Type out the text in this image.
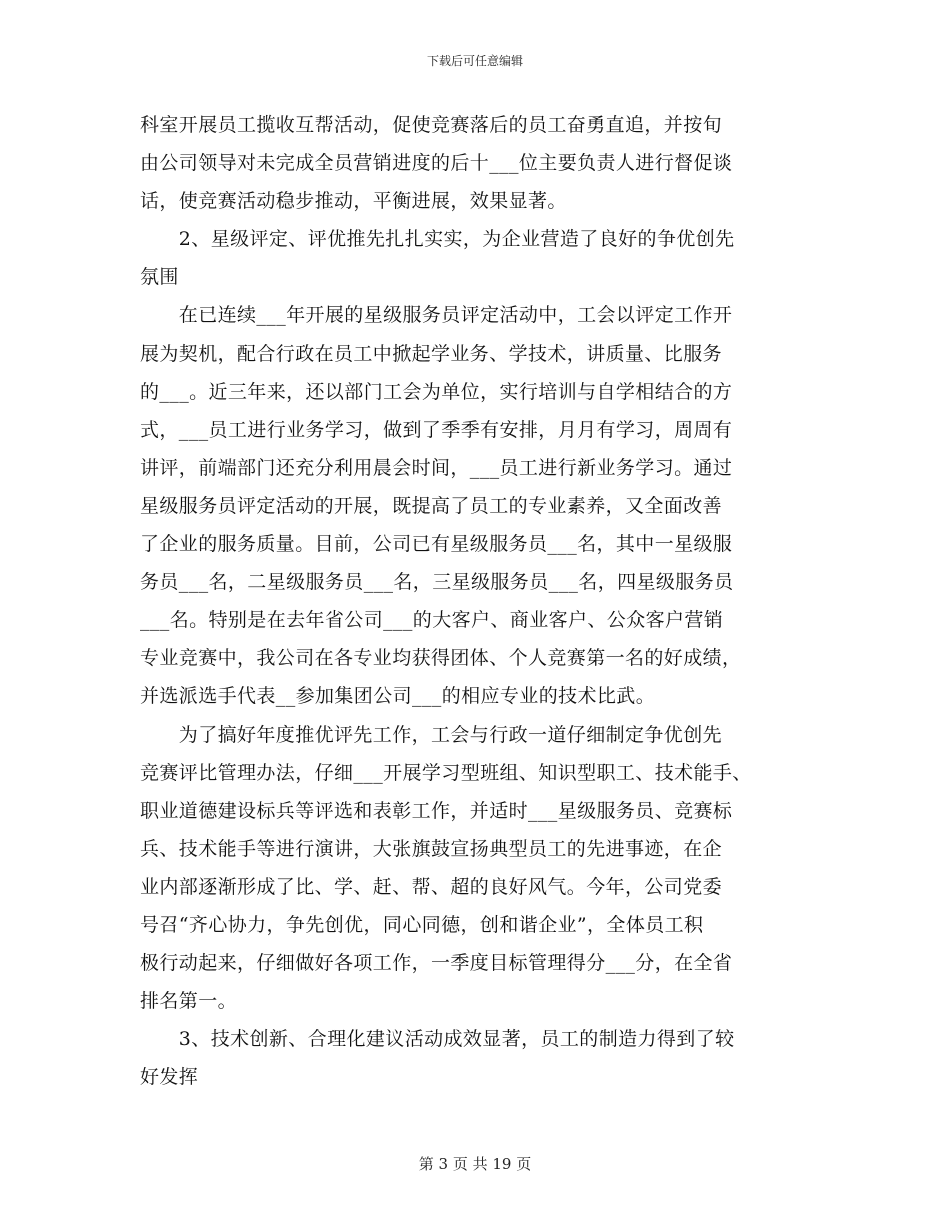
下载后可任意编辑
科室开展员工揽收互帮活动，促使竞赛落后的员工奋勇直追，并按旬
由公司领导对未完成全员营销进度的后十___位主要负责人进行督促谈
话，使竞赛活动稳步推动，平衡进展，效果显著。
　　2、星级评定、评优推先扎扎实实，为企业营造了良好的争优创先
氛围
　　在已连续___年开展的星级服务员评定活动中，工会以评定工作开
展为契机，配合行政在员工中掀起学业务、学技术，讲质量、比服务
的___。近三年来，还以部门工会为单位，实行培训与自学相结合的方
式，___员工进行业务学习，做到了季季有安排，月月有学习，周周有
讲评，前端部门还充分利用晨会时间，___员工进行新业务学习。通过
星级服务员评定活动的开展，既提高了员工的专业素养，又全面改善
了企业的服务质量。目前，公司已有星级服务员___名，其中一星级服
务员___名，二星级服务员___名，三星级服务员___名，四星级服务员
___名。特别是在去年省公司___的大客户、商业客户、公众客户营销
专业竞赛中，我公司在各专业均获得团体、个人竞赛第一名的好成绩，
并选派选手代表__参加集团公司___的相应专业的技术比武。
　　为了搞好年度推优评先工作，工会与行政一道仔细制定争优创先
竞赛评比管理办法，仔细___开展学习型班组、知识型职工、技术能手、
职业道德建设标兵等评选和表彰工作，并适时___星级服务员、竞赛标
兵、技术能手等进行演讲，大张旗鼓宣扬典型员工的先进事迹，在企
业内部逐渐形成了比、学、赶、帮、超的良好风气。今年，公司党委
号召“齐心协力，争先创优，同心同德，创和谐企业”，全体员工积
极行动起来，仔细做好各项工作，一季度目标管理得分___分，在全省
排名第一。
　　3、技术创新、合理化建议活动成效显著，员工的制造力得到了较
好发挥
第 3 页 共 19 页
